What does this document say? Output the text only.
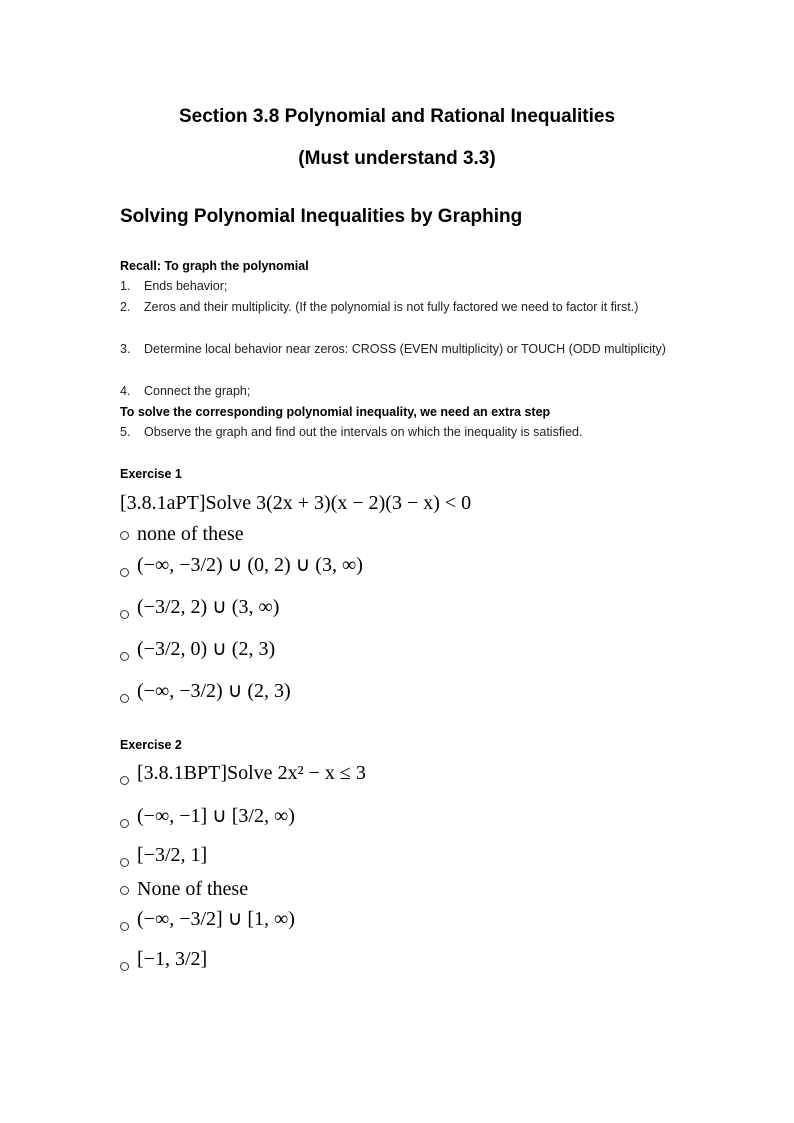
Section 3.8 Polynomial and Rational Inequalities
(Must understand 3.3)
Solving Polynomial Inequalities by Graphing
Recall: To graph the polynomial
1.	Ends behavior;
2.	Zeros and their multiplicity. (If the polynomial is not fully factored we need to factor it first.)
3.	Determine local behavior near zeros: CROSS (EVEN multiplicity) or TOUCH (ODD multiplicity)
4.	Connect the graph;
To solve the corresponding polynomial inequality, we need an extra step
5.	Observe the graph and find out the intervals on which the inequality is satisfied.
Exercise 1
[3.8.1aPT]Solve 3(2x + 3)(x − 2)(3 − x) < 0
none of these
(−∞, −3/2) ∪ (0, 2) ∪ (3, ∞)
(−3/2, 2) ∪ (3, ∞)
(−3/2, 0) ∪ (2, 3)
(−∞, −3/2) ∪ (2, 3)
Exercise 2
[3.8.1BPT]Solve 2x² − x ≤ 3
(−∞, −1] ∪ [3/2, ∞)
[−3/2, 1]
None of these
(−∞, −3/2] ∪ [1, ∞)
[−1, 3/2]
